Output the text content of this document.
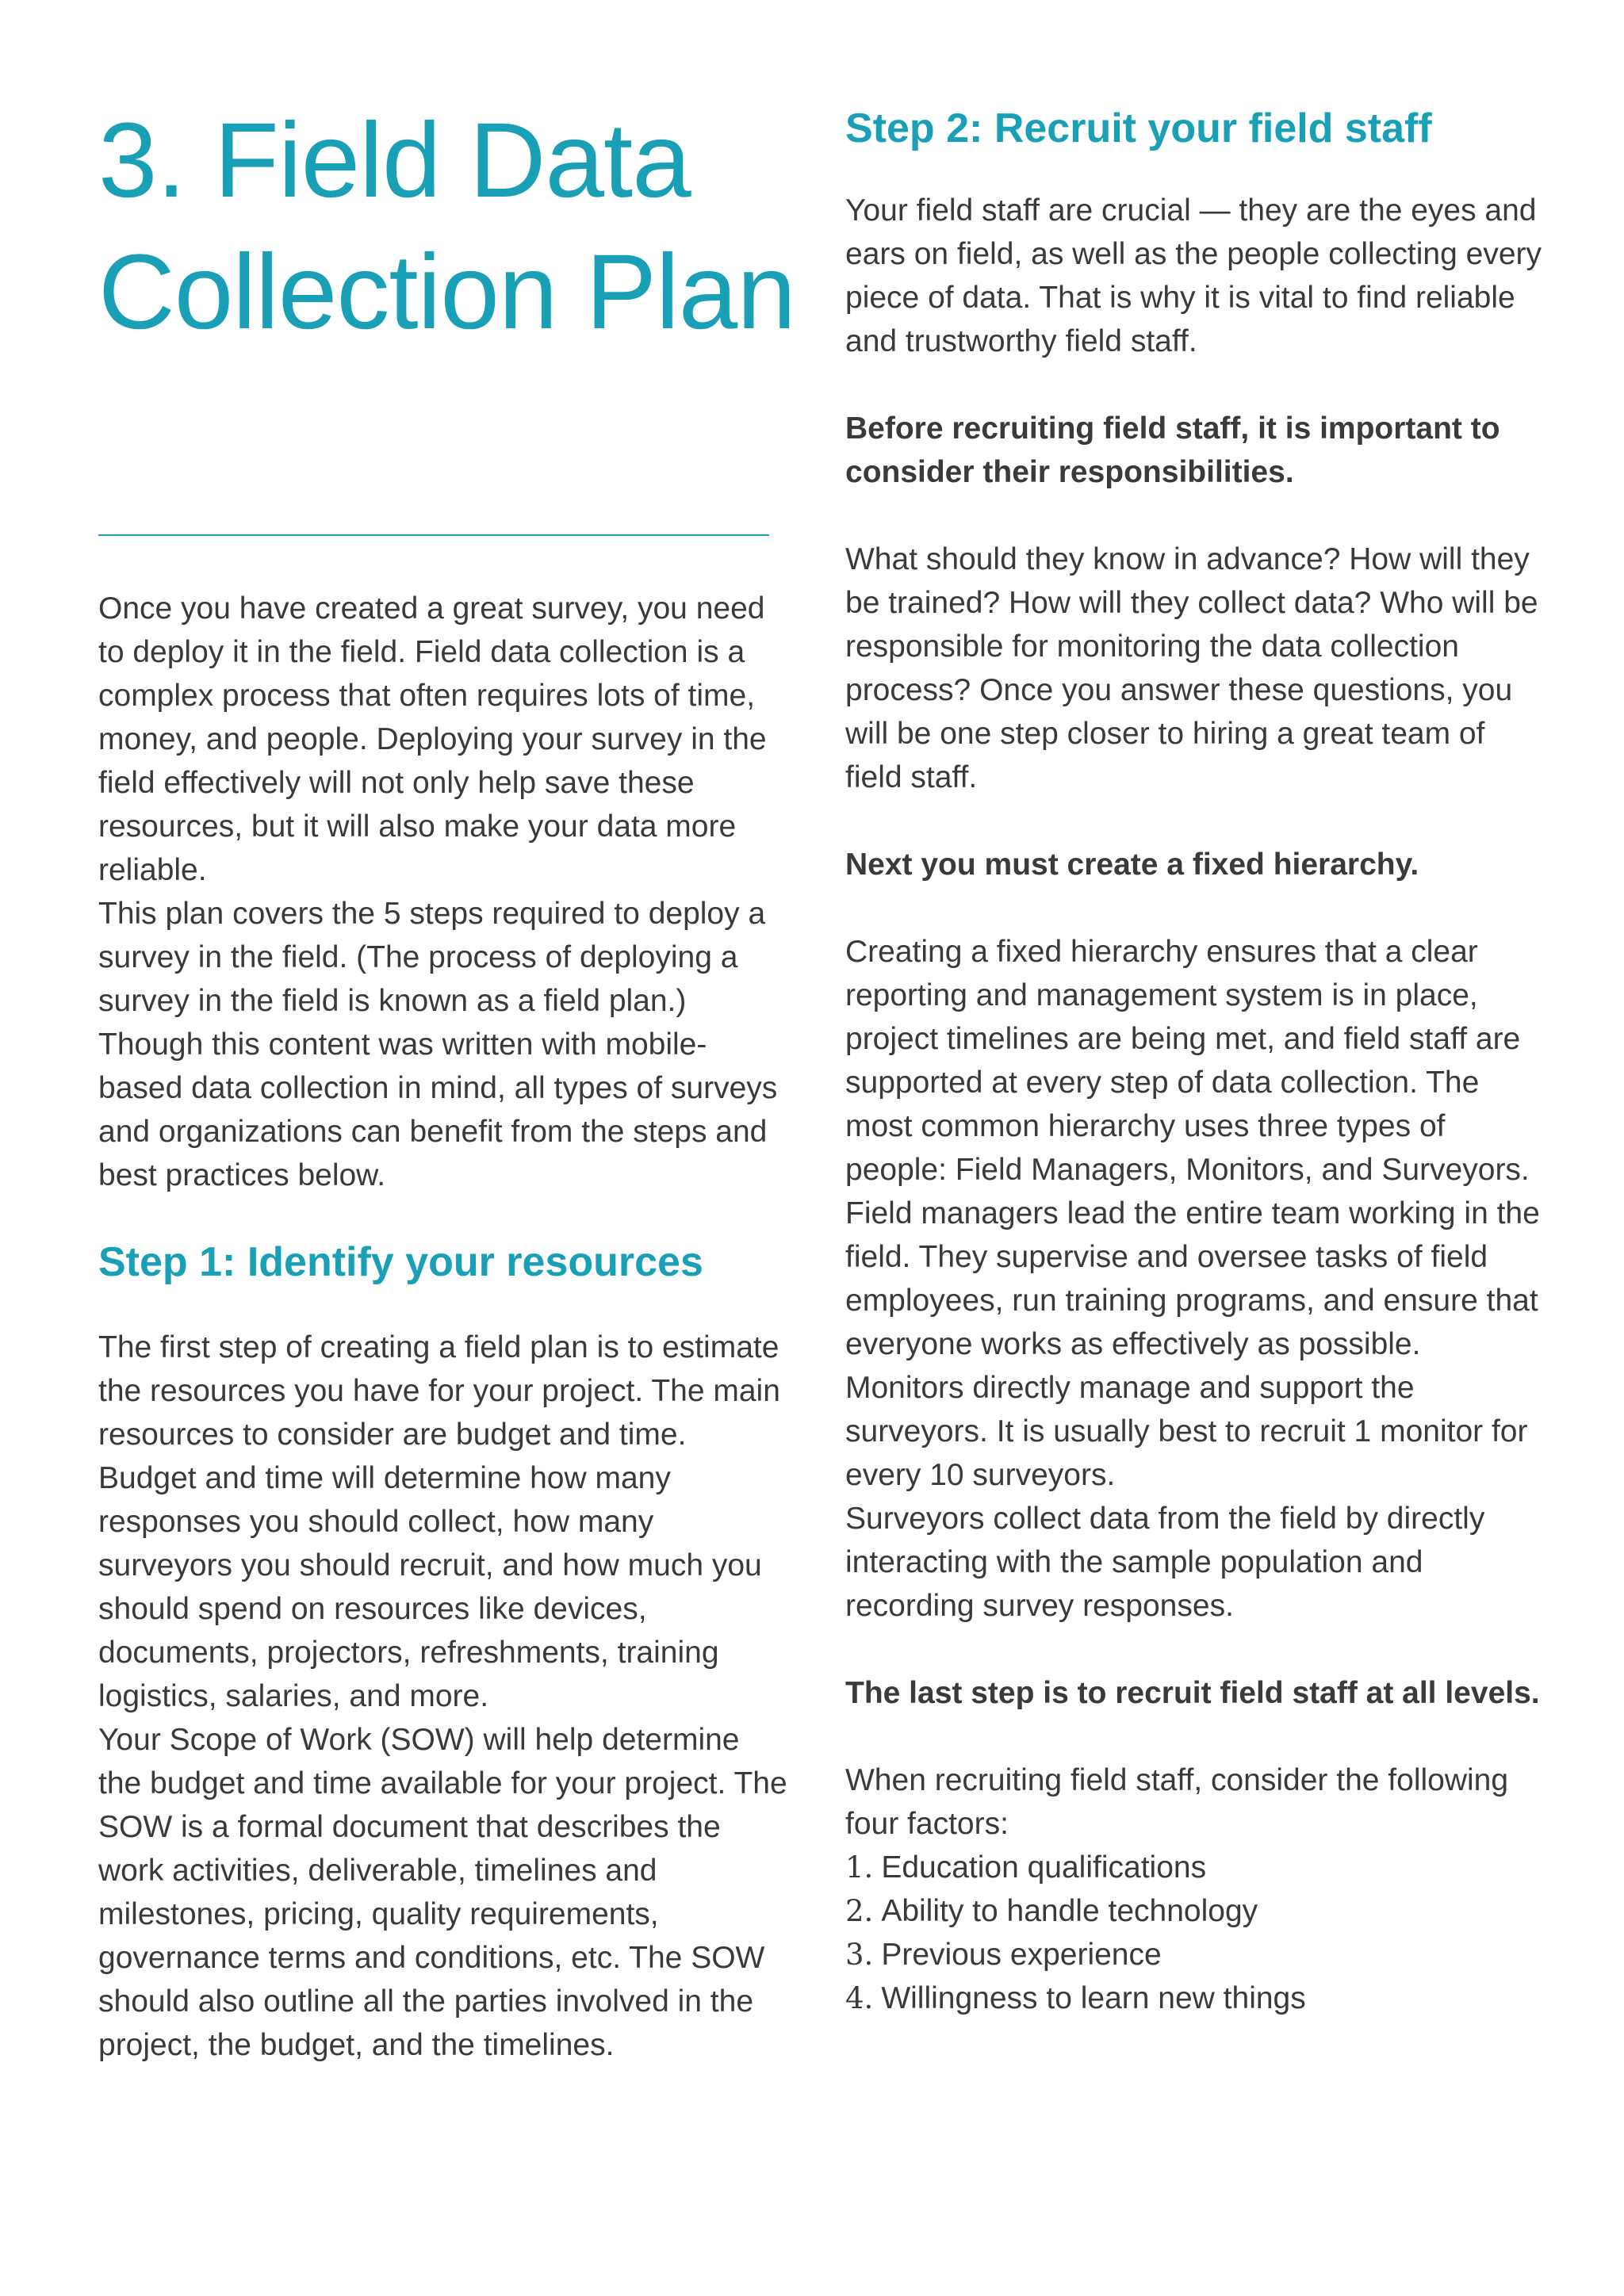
3. Field Data Collection Plan

Once you have created a great survey, you need to deploy it in the field. Field data collection is a complex process that often requires lots of time, money, and people. Deploying your survey in the field effectively will not only help save these resources, but it will also make your data more reliable.

This plan covers the 5 steps required to deploy a survey in the field. (The process of deploying a survey in the field is known as a field plan.) Though this content was written with mobile-based data collection in mind, all types of surveys and organizations can benefit from the steps and best practices below.

Step 1: Identify your resources

The first step of creating a field plan is to estimate the resources you have for your project. The main resources to consider are budget and time.

Budget and time will determine how many responses you should collect, how many surveyors you should recruit, and how much you should spend on resources like devices, documents, projectors, refreshments, training logistics, salaries, and more.

Your Scope of Work (SOW) will help determine the budget and time available for your project. The SOW is a formal document that describes the work activities, deliverable, timelines and milestones, pricing, quality requirements, governance terms and conditions, etc. The SOW should also outline all the parties involved in the project, the budget, and the timelines.

Step 2: Recruit your field staff

Your field staff are crucial — they are the eyes and ears on field, as well as the people collecting every piece of data. That is why it is vital to find reliable and trustworthy field staff.

Before recruiting field staff, it is important to consider their responsibilities.

What should they know in advance? How will they be trained? How will they collect data? Who will be responsible for monitoring the data collection process? Once you answer these questions, you will be one step closer to hiring a great team of field staff.

Next you must create a fixed hierarchy.

Creating a fixed hierarchy ensures that a clear reporting and management system is in place, project timelines are being met, and field staff are supported at every step of data collection. The most common hierarchy uses three types of people: Field Managers, Monitors, and Surveyors.

Field managers lead the entire team working in the field. They supervise and oversee tasks of field employees, run training programs, and ensure that everyone works as effectively as possible.

Monitors directly manage and support the surveyors. It is usually best to recruit 1 monitor for every 10 surveyors.

Surveyors collect data from the field by directly interacting with the sample population and recording survey responses.

The last step is to recruit field staff at all levels.

When recruiting field staff, consider the following four factors:

1. Education qualifications
2. Ability to handle technology
3. Previous experience
4. Willingness to learn new things
